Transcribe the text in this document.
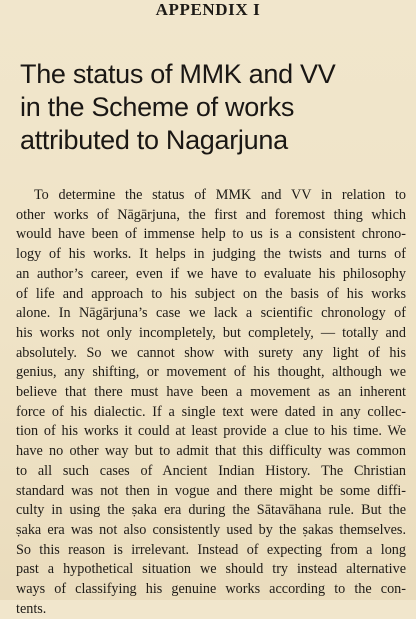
APPENDIX I
The status of MMK and VV
in the Scheme of works
attributed to Nagarjuna
To determine the status of MMK and VV in relation to
other works of Nāgārjuna, the first and foremost thing which
would have been of immense help to us is a consistent chrono-
logy of his works. It helps in judging the twists and turns of
an author’s career, even if we have to evaluate his philosophy
of life and approach to his subject on the basis of his works
alone. In Nāgārjuna’s case we lack a scientific chronology of
his works not only incompletely, but completely, — totally and
absolutely. So we cannot show with surety any light of his
genius, any shifting, or movement of his thought, although we
believe that there must have been a movement as an inherent
force of his dialectic. If a single text were dated in any collec-
tion of his works it could at least provide a clue to his time. We
have no other way but to admit that this difficulty was common
to all such cases of Ancient Indian History. The Christian
standard was not then in vogue and there might be some diffi-
culty in using the ṣaka era during the Sātavāhana rule. But the
ṣaka era was not also consistently used by the ṣakas themselves.
So this reason is irrelevant. Instead of expecting from a long
past a hypothetical situation we should try instead alternative
ways of classifying his genuine works according to the con-
tents.
